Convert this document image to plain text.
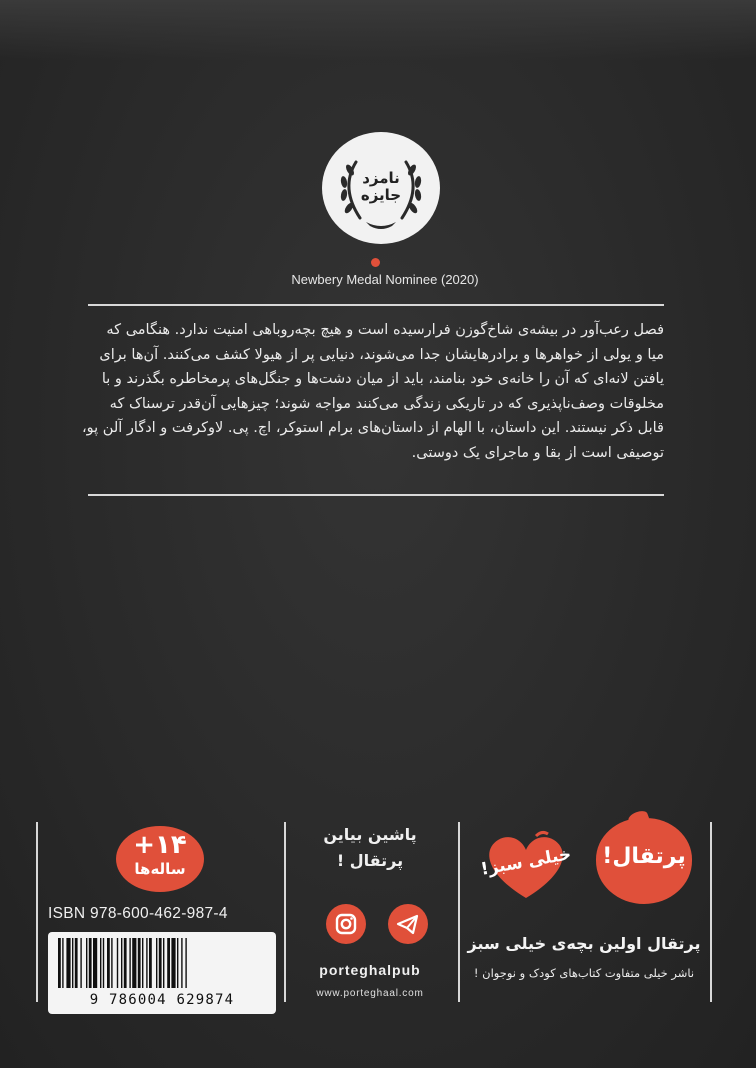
نامزد
جایزه
Newbery Medal Nominee (2020)

فصل رعب‌آور در بیشه‌ی شاخ‌گوزن فرارسیده است و هیچ بچه‌روباهی امنیت ندارد. هنگامی که

میا و یولی از خواهرها و برادرهایشان جدا می‌شوند، دنیایی پر از هیولا کشف می‌کنند. آن‌ها برای

یافتن لانه‌ای که آن را خانه‌ی خود بنامند، باید از میان دشت‌ها و جنگل‌های پرمخاطره بگذرند و با

مخلوقات وصف‌ناپذیری که در تاریکی زندگی می‌کنند مواجه شوند؛ چیزهایی آن‌قدر ترسناک که

قابل ذکر نیستند. این داستان، با الهام از داستان‌های برام استوکر، اچ. پی. لاوکرفت و ادگار آلن پو،

توصیفی است از بقا و ماجرای یک دوستی.

+۱۴
ساله‌ها
ISBN 978-600-462-987-4
9 786004 629874
پاشین بیاین
پرتقال !
porteghalpub
www.porteghaal.com
خیلی سبز! پرتقال!
پرتقال اولین بچه‌ی خیلی سبز
ناشر خیلی متفاوت کتاب‌های کودک و نوجوان !
